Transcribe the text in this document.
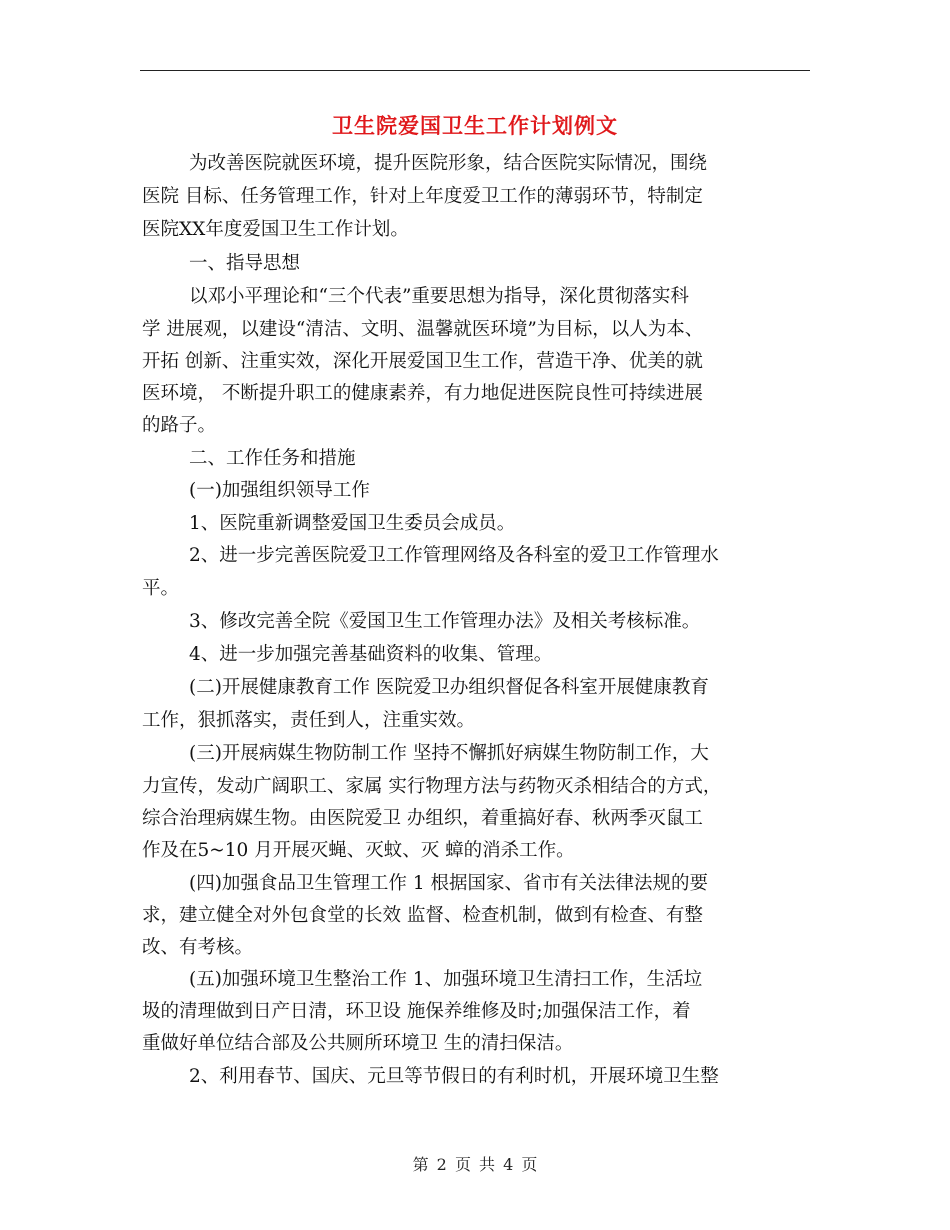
卫生院爱国卫生工作计划例文
为改善医院就医环境，提升医院形象，结合医院实际情况，围绕
医院 目标、任务管理工作，针对上年度爱卫工作的薄弱环节，特制定
医院XX年度爱国卫生工作计划。
一、指导思想
以邓小平理论和“三个代表”重要思想为指导，深化贯彻落实科
学 进展观，以建设“清洁、文明、温馨就医环境”为目标，以人为本、
开拓 创新、注重实效，深化开展爱国卫生工作，营造干净、优美的就
医环境， 不断提升职工的健康素养，有力地促进医院良性可持续进展
的路子。
二、工作任务和措施
(一)加强组织领导工作
1、医院重新调整爱国卫生委员会成员。
2、进一步完善医院爱卫工作管理网络及各科室的爱卫工作管理水
平。
3、修改完善全院《爱国卫生工作管理办法》及相关考核标准。
4、进一步加强完善基础资料的收集、管理。
(二)开展健康教育工作 医院爱卫办组织督促各科室开展健康教育
工作，狠抓落实，责任到人，注重实效。
(三)开展病媒生物防制工作 坚持不懈抓好病媒生物防制工作，大
力宣传，发动广阔职工、家属 实行物理方法与药物灭杀相结合的方式，
综合治理病媒生物。由医院爱卫 办组织，着重搞好春、秋两季灭鼠工
作及在5~10 月开展灭蝇、灭蚊、灭 蟑的消杀工作。
(四)加强食品卫生管理工作 1 根据国家、省市有关法律法规的要
求，建立健全对外包食堂的长效 监督、检查机制，做到有检查、有整
改、有考核。
(五)加强环境卫生整治工作 1、加强环境卫生清扫工作，生活垃
圾的清理做到日产日清，环卫设 施保养维修及时;加强保洁工作，着
重做好单位结合部及公共厕所环境卫 生的清扫保洁。
2、利用春节、国庆、元旦等节假日的有利时机，开展环境卫生整
第 2 页 共 4 页
